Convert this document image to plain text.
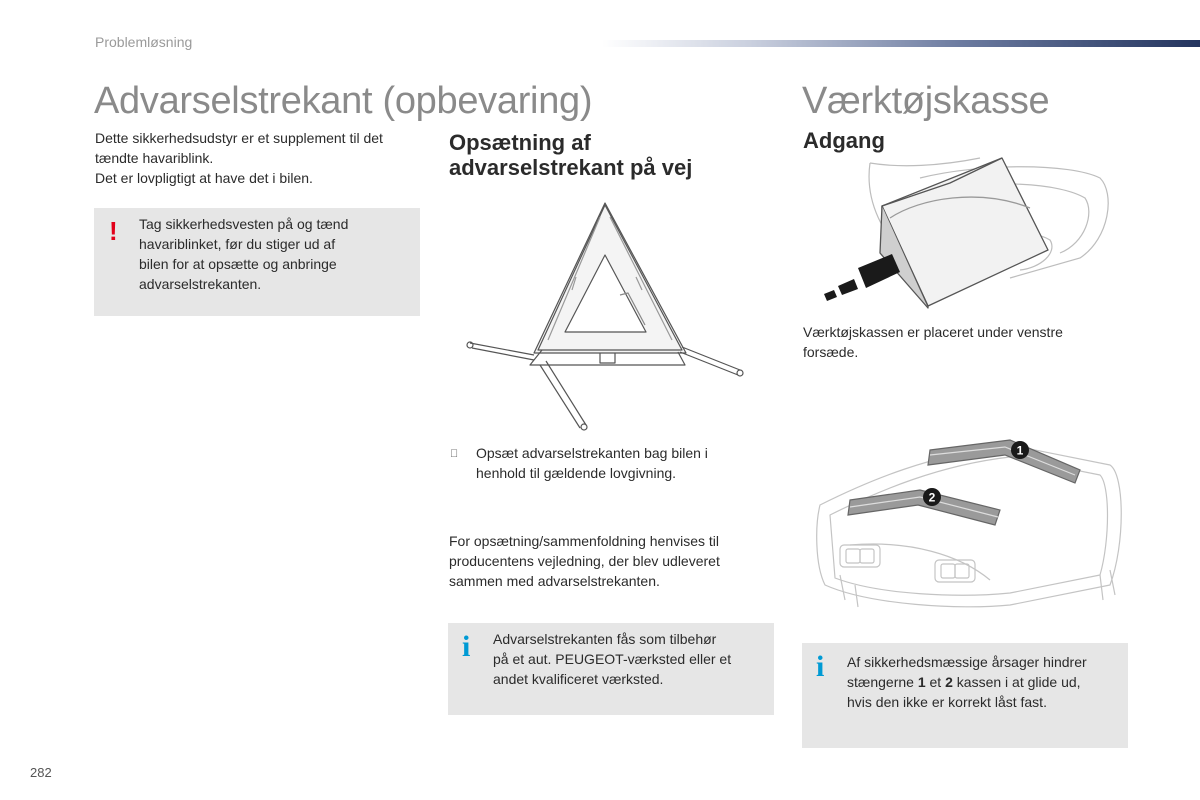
Problemløsning
Advarselstrekant (opbevaring)
Dette sikkerhedsudstyr er et supplement til det
tændte havariblink.
Det er lovpligtigt at have det i bilen.
! Tag sikkerhedsvesten på og tænd
havariblinket, før du stiger ud af
bilen for at opsætte og anbringe
advarselstrekanten.
Opsætning af
advarselstrekant på vej
Opsæt advarselstrekanten bag bilen i
henhold til gældende lovgivning.
For opsætning/sammenfoldning henvises til
producentens vejledning, der blev udleveret
sammen med advarselstrekanten.
i Advarselstrekanten fås som tilbehør
på et aut. PEUGEOT-værksted eller et
andet kvalificeret værksted.
Værktøjskasse
Adgang
Værktøjskassen er placeret under venstre
forsæde.
1
2
i Af sikkerhedsmæssige årsager hindrer
stængerne 1 et 2 kassen i at glide ud,
hvis den ikke er korrekt låst fast.
282
